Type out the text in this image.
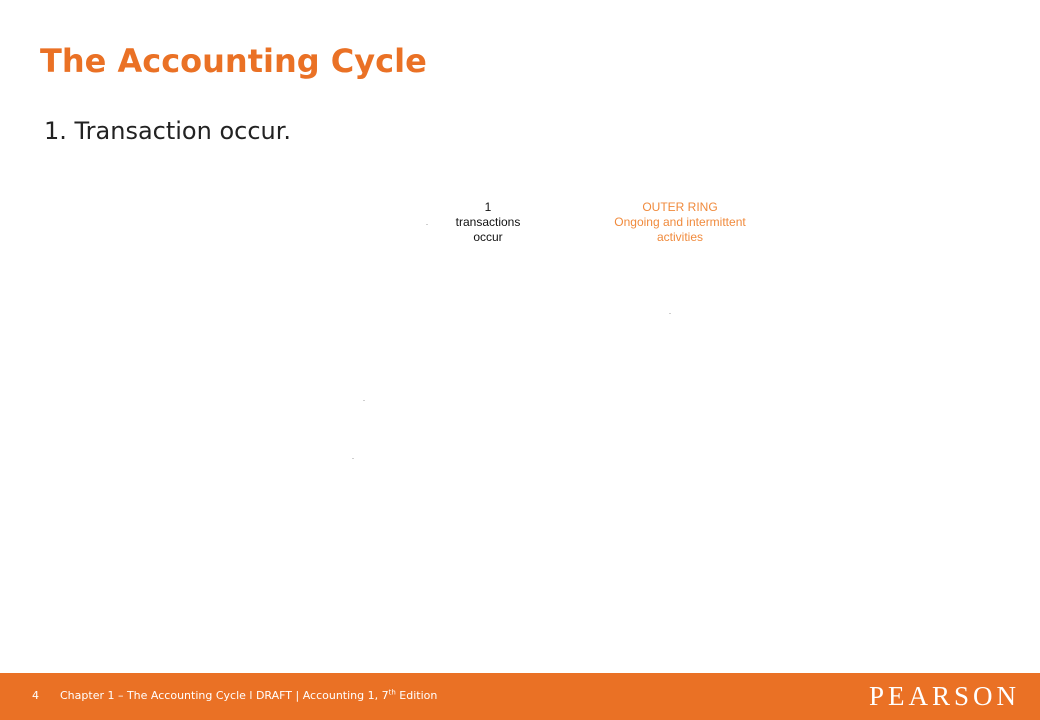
The Accounting Cycle
1. Transaction occur.
1
transactions
occur
OUTER RING
Ongoing and intermittent
activities
4 Chapter 1 – The Accounting Cycle l DRAFT | Accounting 1, 7th Edition	PEARSON
